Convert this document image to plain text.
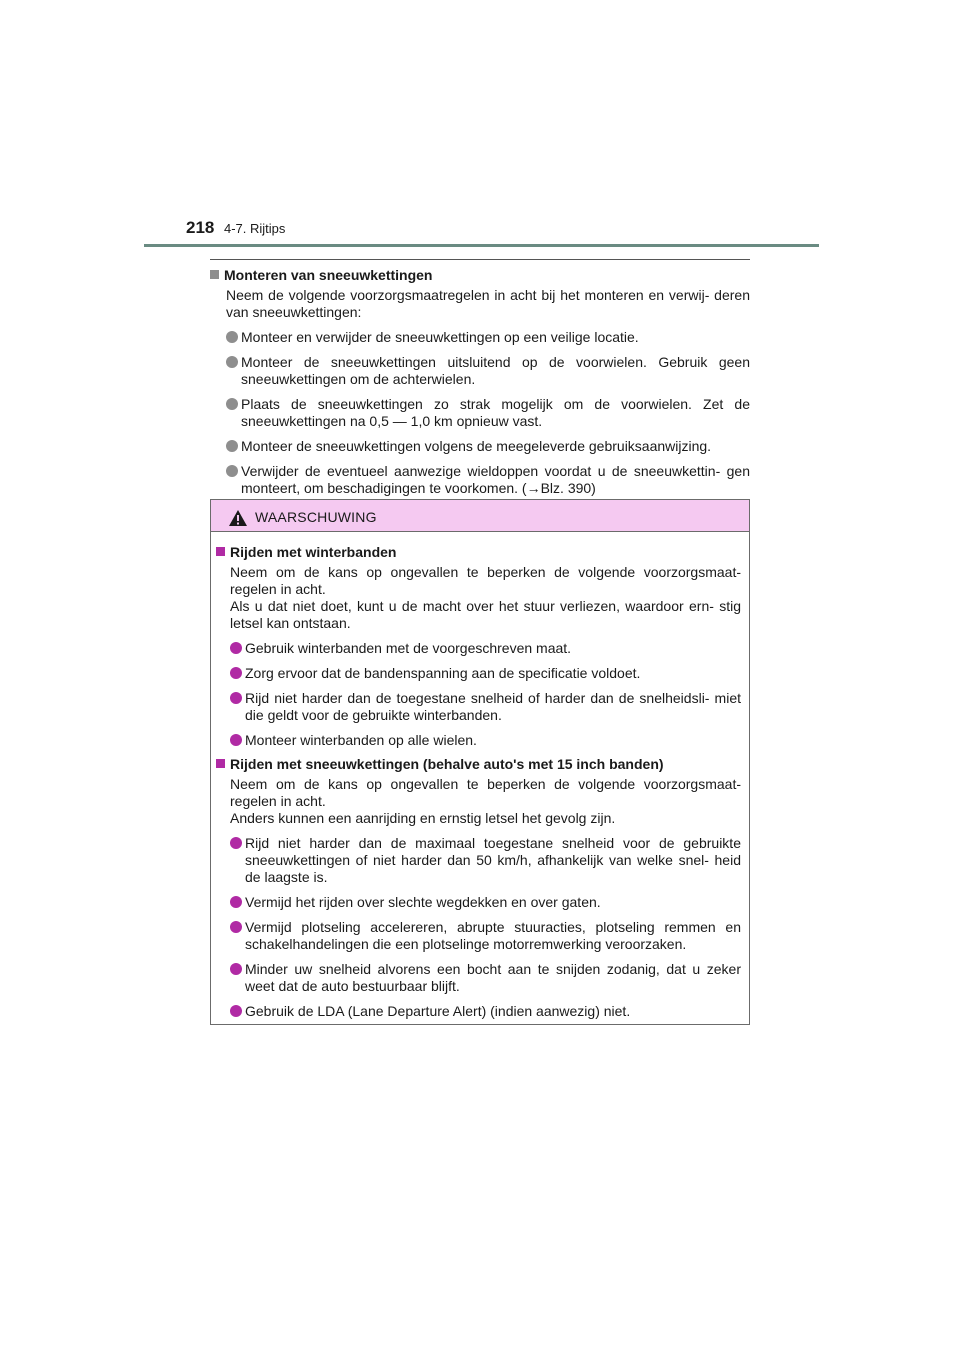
218 4-7. Rijtips
Monteren van sneeuwkettingen
Neem de volgende voorzorgsmaatregelen in acht bij het monteren en verwij- deren van sneeuwkettingen:
Monteer en verwijder de sneeuwkettingen op een veilige locatie.
Monteer de sneeuwkettingen uitsluitend op de voorwielen. Gebruik geen sneeuwkettingen om de achterwielen.
Plaats de sneeuwkettingen zo strak mogelijk om de voorwielen. Zet de sneeuwkettingen na 0,5 — 1,0 km opnieuw vast.
Monteer de sneeuwkettingen volgens de meegeleverde gebruiksaanwijzing.
Verwijder de eventueel aanwezige wieldoppen voordat u de sneeuwkettin- gen monteert, om beschadigingen te voorkomen. (→Blz. 390)
WAARSCHUWING
Rijden met winterbanden
Neem om de kans op ongevallen te beperken de volgende voorzorgsmaat- regelen in acht.
Als u dat niet doet, kunt u de macht over het stuur verliezen, waardoor ern- stig letsel kan ontstaan.
Gebruik winterbanden met de voorgeschreven maat.
Zorg ervoor dat de bandenspanning aan de specificatie voldoet.
Rijd niet harder dan de toegestane snelheid of harder dan de snelheidsli- miet die geldt voor de gebruikte winterbanden.
Monteer winterbanden op alle wielen.
Rijden met sneeuwkettingen (behalve auto's met 15 inch banden)
Neem om de kans op ongevallen te beperken de volgende voorzorgsmaat- regelen in acht.
Anders kunnen een aanrijding en ernstig letsel het gevolg zijn.
Rijd niet harder dan de maximaal toegestane snelheid voor de gebruikte sneeuwkettingen of niet harder dan 50 km/h, afhankelijk van welke snel- heid de laagste is.
Vermijd het rijden over slechte wegdekken en over gaten.
Vermijd plotseling accelereren, abrupte stuuracties, plotseling remmen en schakelhandelingen die een plotselinge motorremwerking veroorzaken.
Minder uw snelheid alvorens een bocht aan te snijden zodanig, dat u zeker weet dat de auto bestuurbaar blijft.
Gebruik de LDA (Lane Departure Alert) (indien aanwezig) niet.
